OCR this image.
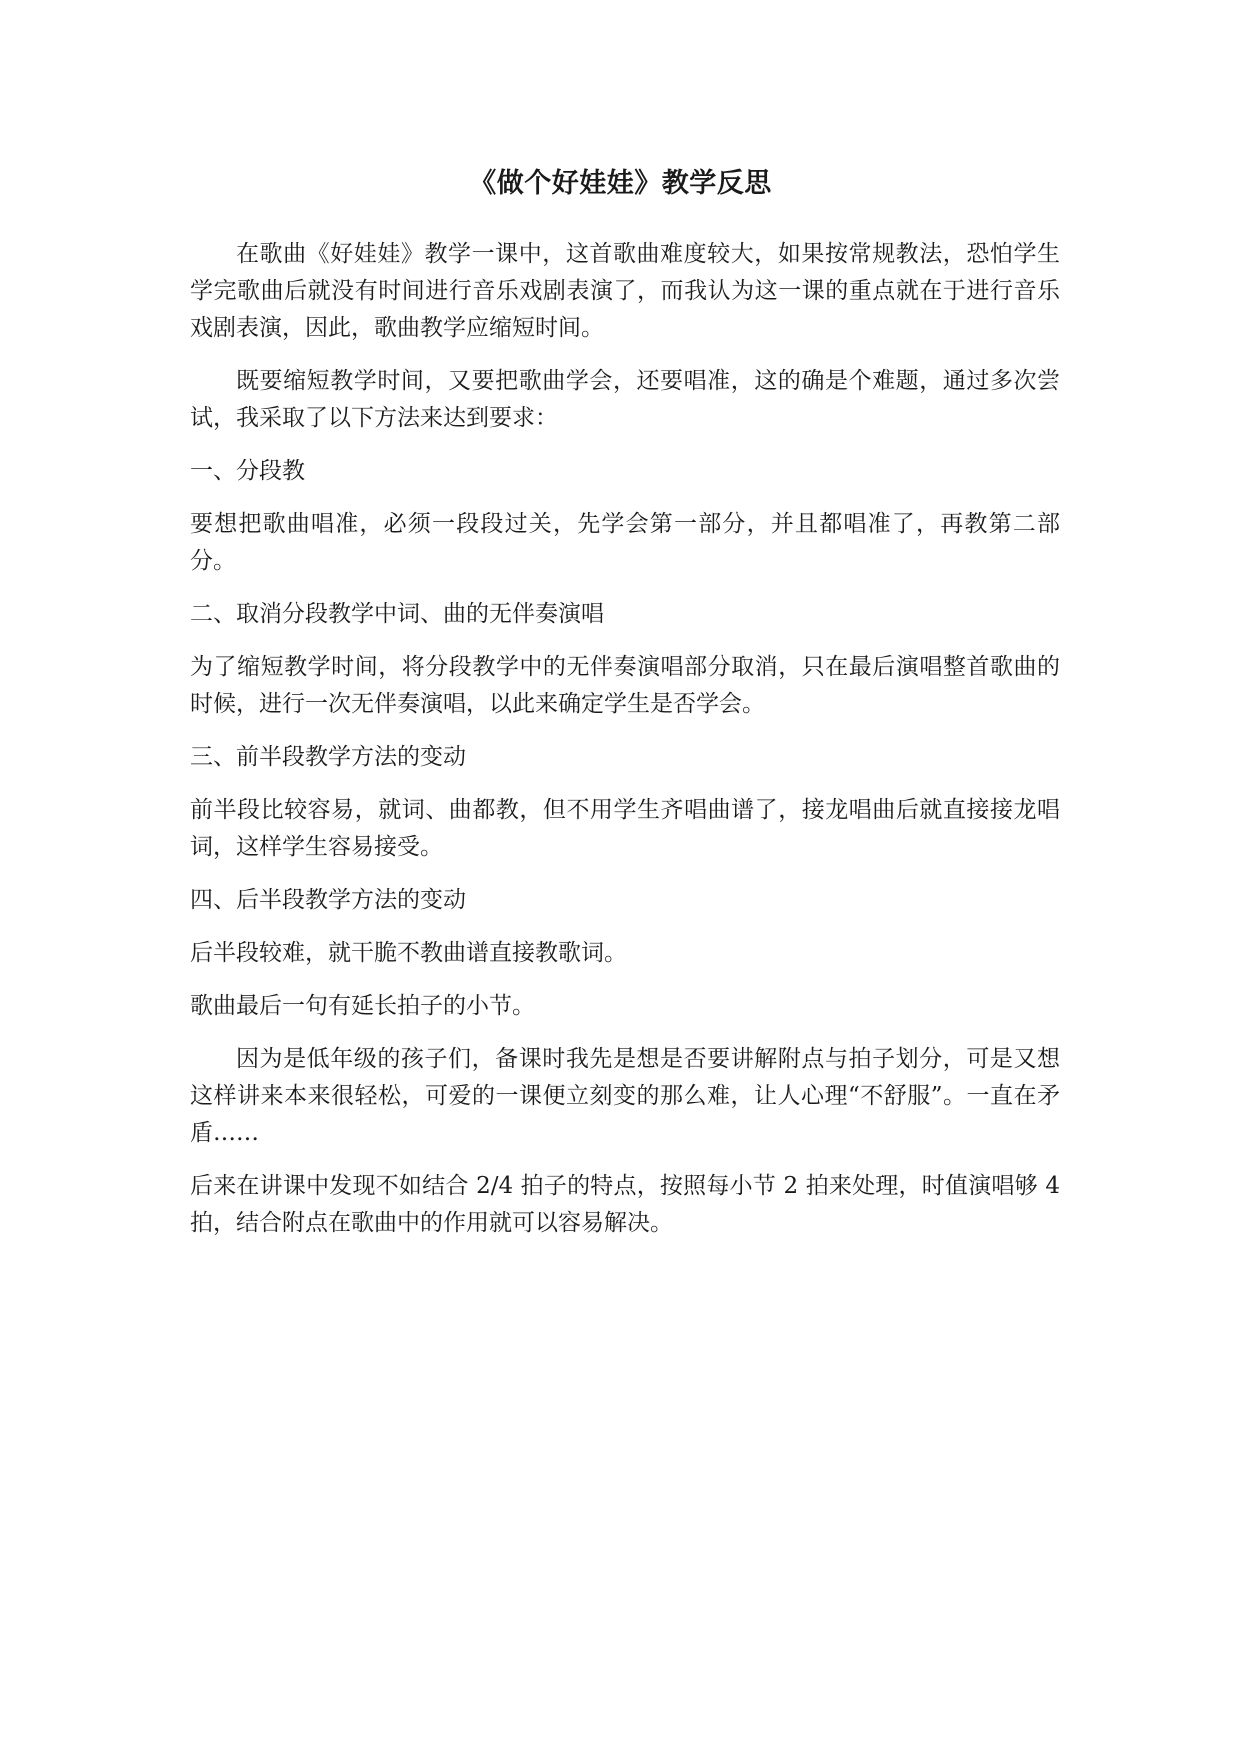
《做个好娃娃》教学反思

在歌曲《好娃娃》教学一课中，这首歌曲难度较大，如果按常规教法，恐怕学生学完歌曲后就没有时间进行音乐戏剧表演了，而我认为这一课的重点就在于进行音乐戏剧表演，因此，歌曲教学应缩短时间。

既要缩短教学时间，又要把歌曲学会，还要唱准，这的确是个难题，通过多次尝试，我采取了以下方法来达到要求：

一、分段教

要想把歌曲唱准，必须一段段过关，先学会第一部分，并且都唱准了，再教第二部分。

二、取消分段教学中词、曲的无伴奏演唱

为了缩短教学时间，将分段教学中的无伴奏演唱部分取消，只在最后演唱整首歌曲的时候，进行一次无伴奏演唱，以此来确定学生是否学会。

三、前半段教学方法的变动

前半段比较容易，就词、曲都教，但不用学生齐唱曲谱了，接龙唱曲后就直接接龙唱词，这样学生容易接受。

四、后半段教学方法的变动

后半段较难，就干脆不教曲谱直接教歌词。

歌曲最后一句有延长拍子的小节。

因为是低年级的孩子们，备课时我先是想是否要讲解附点与拍子划分，可是又想这样讲来本来很轻松，可爱的一课便立刻变的那么难，让人心理“不舒服”。一直在矛盾……

后来在讲课中发现不如结合 2/4 拍子的特点，按照每小节 2 拍来处理，时值演唱够 4 拍，结合附点在歌曲中的作用就可以容易解决。
